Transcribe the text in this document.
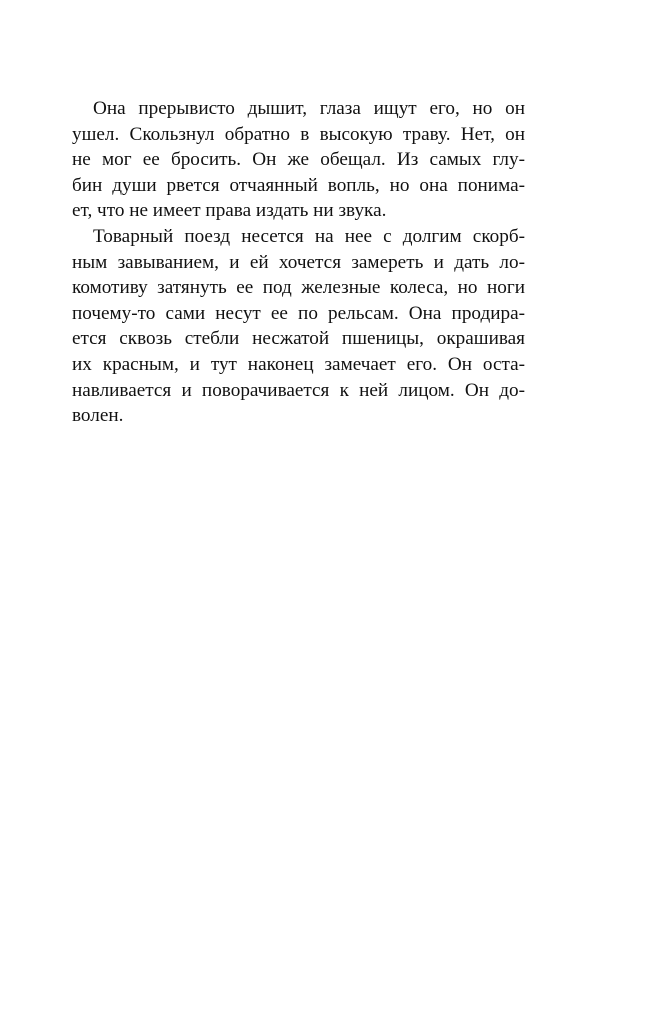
Она прерывисто дышит, глаза ищут его, но он
ушел. Скользнул обратно в высокую траву. Нет, он
не мог ее бросить. Он же обещал. Из самых глу-
бин души рвется отчаянный вопль, но она понима-
ет, что не имеет права издать ни звука.

Товарный поезд несется на нее с долгим скорб-
ным завыванием, и ей хочется замереть и дать ло-
комотиву затянуть ее под железные колеса, но ноги
почему-то сами несут ее по рельсам. Она продира-
ется сквозь стебли несжатой пшеницы, окрашивая
их красным, и тут наконец замечает его. Он оста-
навливается и поворачивается к ней лицом. Он до-
волен.
